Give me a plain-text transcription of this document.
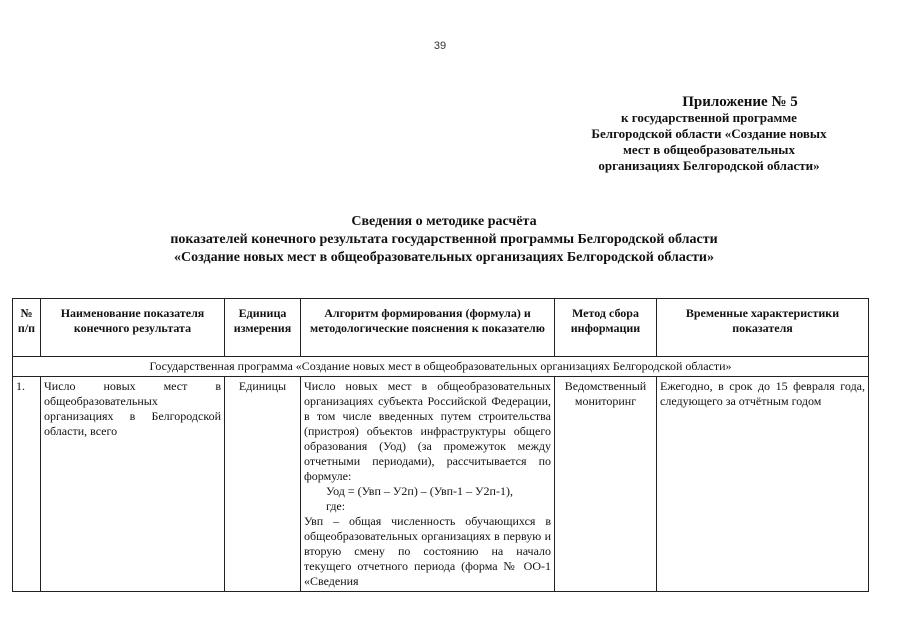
39
Приложение № 5
к государственной программе
Белгородской области «Создание новых
мест в общеобразовательных
организациях Белгородской области»
Сведения о методике расчёта
показателей конечного результата государственной программы Белгородской области
«Создание новых мест в общеобразовательных организациях Белгородской области»
№ п/п	Наименование показателя конечного результата	Единица измерения	Алгоритм формирования (формула) и методологические пояснения к показателю	Метод сбора информации	Временные характеристики показателя
Государственная программа «Создание новых мест в общеобразовательных организациях Белгородской области»					
1.	Число новых мест в общеобразовательных организациях в Белгородской области, всего	Единицы	Число новых мест в общеобразовательных организациях субъекта Российской Федерации, в том числе введенных путем строительства (пристроя) объектов инфраструктуры общего образования (Уод) (за промежуток между отчетными периодами), рассчитывается по формуле:
Уод = (Увп – У2п) – (Увп-1 – У2п-1),
где:
Увп – общая численность обучающихся в общеобразовательных организациях в первую и вторую смену по состоянию на начало текущего отчетного периода (форма № ОО-1 «Сведения	Ведомственный мониторинг	Ежегодно, в срок до 15 февраля года, следующего за отчётным годом
